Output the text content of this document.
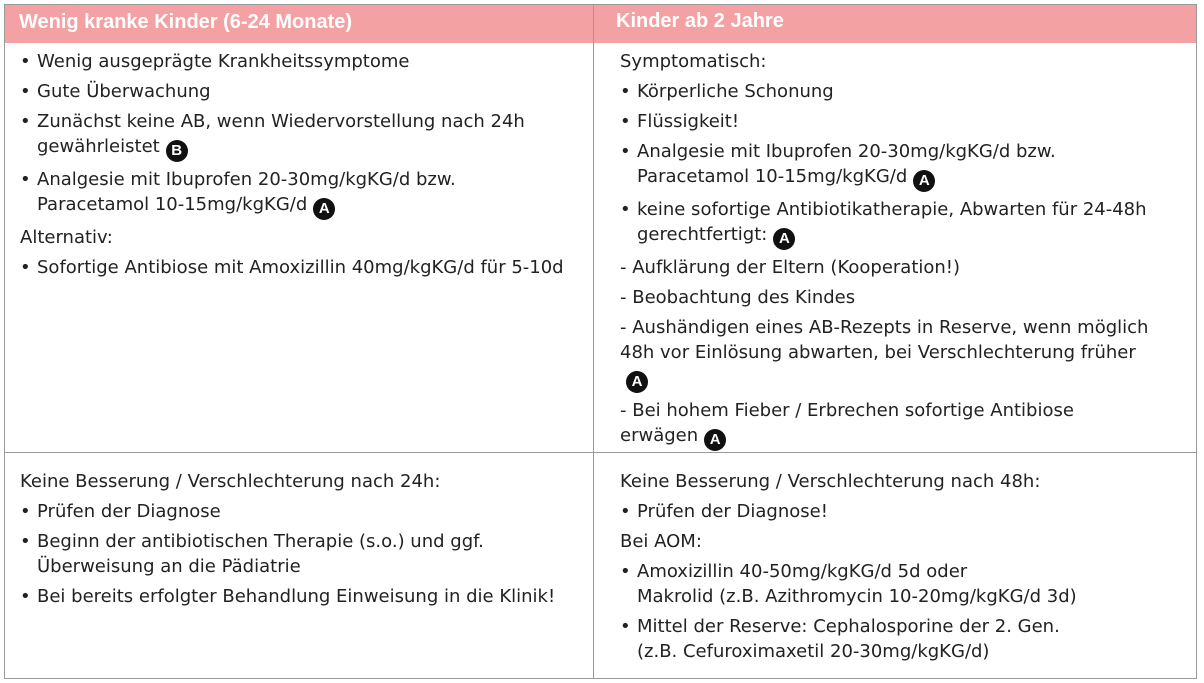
Wenig kranke Kinder (6-24 Monate)	Kinder ab 2 Jahre
• Wenig ausgeprägte Krankheitssymptome
• Gute Überwachung
• Zunächst keine AB, wenn Wiedervorstellung nach 24h gewährleistet B
• Analgesie mit Ibuprofen 20-30mg/kgKG/d bzw. Paracetamol 10-15mg/kgKG/d A
Alternativ:
• Sofortige Antibiose mit Amoxizillin 40mg/kgKG/d für 5-10d
Symptomatisch:
• Körperliche Schonung
• Flüssigkeit!
• Analgesie mit Ibuprofen 20-30mg/kgKG/d bzw. Paracetamol 10-15mg/kgKG/d A
• keine sofortige Antibiotikatherapie, Abwarten für 24-48h gerechtfertigt: A
- Aufklärung der Eltern (Kooperation!)
- Beobachtung des Kindes
- Aushändigen eines AB-Rezepts in Reserve, wenn möglich 48h vor Einlösung abwarten, bei Verschlechterung früherA
- Bei hohem Fieber / Erbrechen sofortige Antibiose erwägen A
Keine Besserung / Verschlechterung nach 24h:
• Prüfen der Diagnose
• Beginn der antibiotischen Therapie (s.o.) und ggf. Überweisung an die Pädiatrie
• Bei bereits erfolgter Behandlung Einweisung in die Klinik!
Keine Besserung / Verschlechterung nach 48h:
• Prüfen der Diagnose!
Bei AOM:
• Amoxizillin 40-50mg/kgKG/d 5d oder
Makrolid (z.B. Azithromycin 10-20mg/kgKG/d 3d)
• Mittel der Reserve: Cephalosporine der 2. Gen.
(z.B. Cefuroximaxetil 20-30mg/kgKG/d)
